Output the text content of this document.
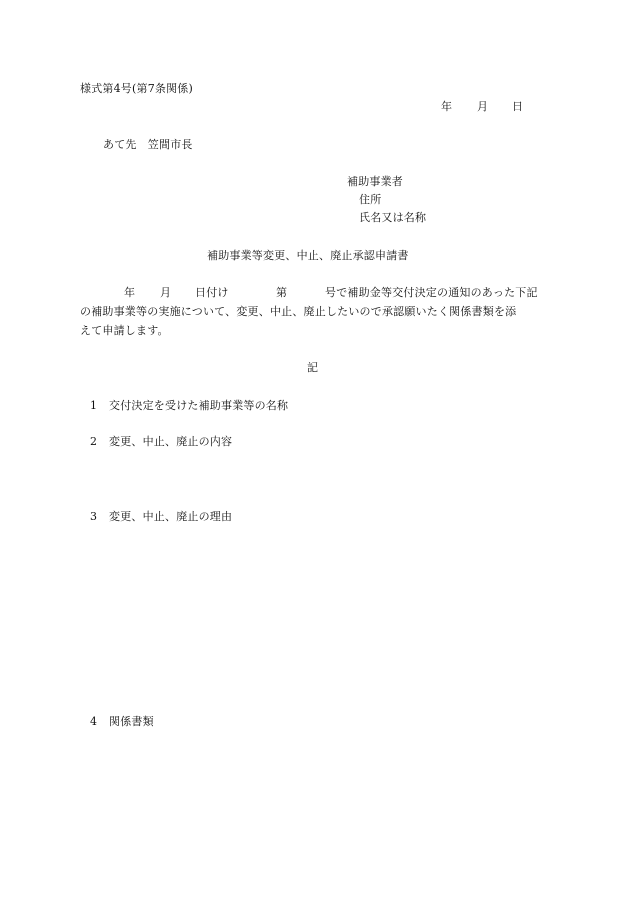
様式第4号(第7条関係)
年 月 日
あて先　笠間市長
補助事業者
住所
氏名又は名称
補助事業等変更、中止、廃止承認申請書
年 月 日付け	第	号で補助金等交付決定の通知のあった下記
の補助事業等の実施について、変更、中止、廃止したいので承認願いたく関係書類を添
えて申請します。
記
1 交付決定を受けた補助事業等の名称
2 変更、中止、廃止の内容
3 変更、中止、廃止の理由
4 関係書類
